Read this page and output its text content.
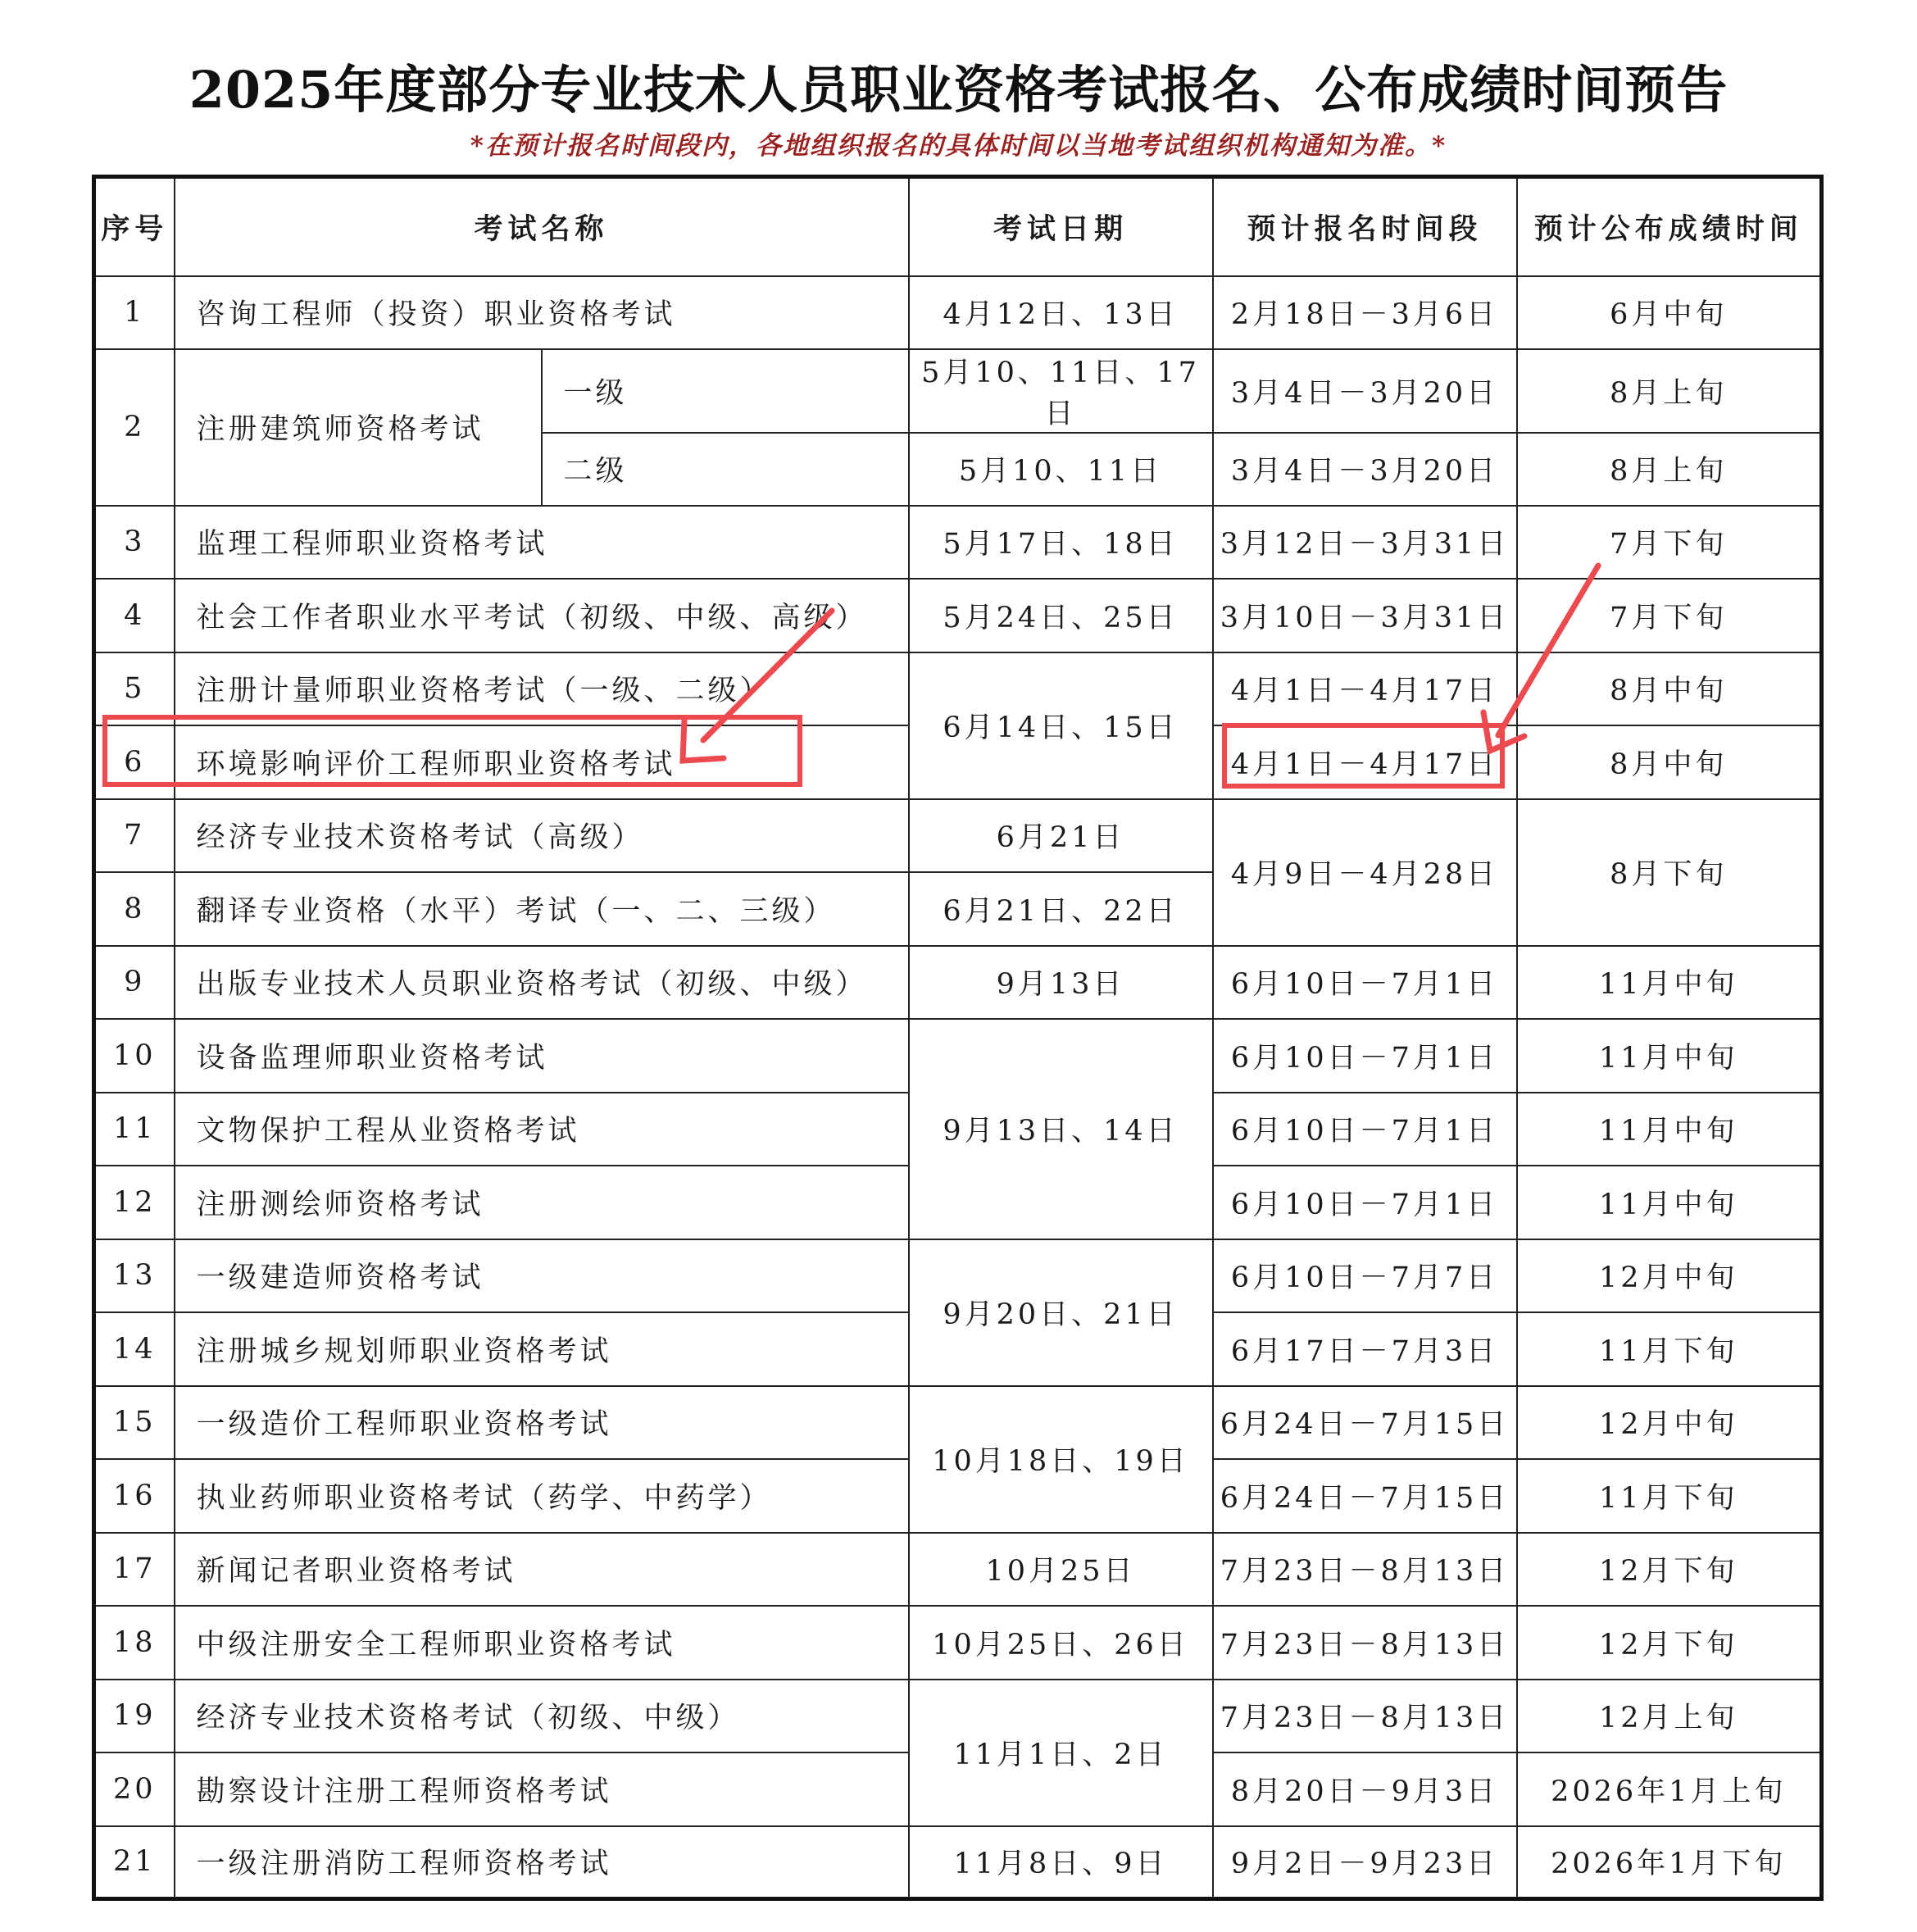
2025年度部分专业技术人员职业资格考试报名、公布成绩时间预告
*在预计报名时间段内，各地组织报名的具体时间以当地考试组织机构通知为准。*
序号	考试名称		考试日期	预计报名时间段	预计公布成绩时间
1	咨询工程师（投资）职业资格考试		4月12日、13日	2月18日－3月6日	6月中旬
2	注册建筑师资格考试	一级	5月10、11日、17日	3月4日－3月20日	8月上旬
		二级	5月10、11日	3月4日－3月20日	8月上旬
3	监理工程师职业资格考试		5月17日、18日	3月12日－3月31日	7月下旬
4	社会工作者职业水平考试（初级、中级、高级）		5月24日、25日	3月10日－3月31日	7月下旬
5	注册计量师职业资格考试（一级、二级）		6月14日、15日	4月1日－4月17日	8月中旬
6	环境影响评价工程师职业资格考试			4月1日－4月17日	8月中旬
7	经济专业技术资格考试（高级）		6月21日	4月9日－4月28日	8月下旬
8	翻译专业资格（水平）考试（一、二、三级）		6月21日、22日		
9	出版专业技术人员职业资格考试（初级、中级）		9月13日	6月10日－7月1日	11月中旬
10	设备监理师职业资格考试		9月13日、14日	6月10日－7月1日	11月中旬
11	文物保护工程从业资格考试			6月10日－7月1日	11月中旬
12	注册测绘师资格考试			6月10日－7月1日	11月中旬
13	一级建造师资格考试		9月20日、21日	6月10日－7月7日	12月中旬
14	注册城乡规划师职业资格考试			6月17日－7月3日	11月下旬
15	一级造价工程师职业资格考试		10月18日、19日	6月24日－7月15日	12月中旬
16	执业药师职业资格考试（药学、中药学）			6月24日－7月15日	11月下旬
17	新闻记者职业资格考试		10月25日	7月23日－8月13日	12月下旬
18	中级注册安全工程师职业资格考试		10月25日、26日	7月23日－8月13日	12月下旬
19	经济专业技术资格考试（初级、中级）		11月1日、2日	7月23日－8月13日	12月上旬
20	勘察设计注册工程师资格考试			8月20日－9月3日	2026年1月上旬
21	一级注册消防工程师资格考试		11月8日、9日	9月2日－9月23日	2026年1月下旬
